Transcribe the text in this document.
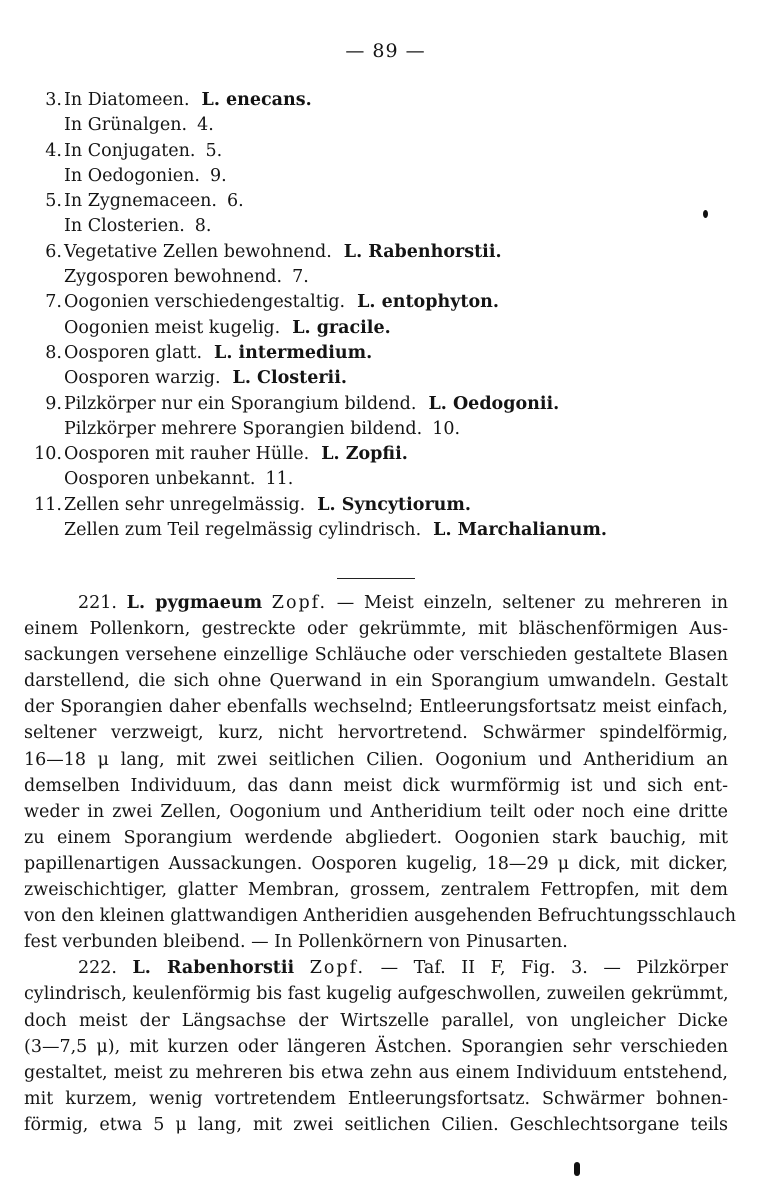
— 89 —
3. In Diatomeen. L. enecans.
In Grünalgen. 4.
4. In Conjugaten. 5.
In Oedogonien. 9.
5. In Zygnemaceen. 6.
In Closterien. 8.
6. Vegetative Zellen bewohnend. L. Rabenhorstii.
Zygosporen bewohnend. 7.
7. Oogonien verschiedengestaltig. L. entophyton.
Oogonien meist kugelig. L. gracile.
8. Oosporen glatt. L. intermedium.
Oosporen warzig. L. Closterii.
9. Pilzkörper nur ein Sporangium bildend. L. Oedogonii.
Pilzkörper mehrere Sporangien bildend. 10.
10. Oosporen mit rauher Hülle. L. Zopfii.
Oosporen unbekannt. 11.
11. Zellen sehr unregelmässig. L. Syncytiorum.
Zellen zum Teil regelmässig cylindrisch. L. Marchalianum.
221. L. pygmaeum Zopf. — Meist einzeln, seltener zu mehreren in
einem Pollenkorn, gestreckte oder gekrümmte, mit bläschenförmigen Aus-
sackungen versehene einzellige Schläuche oder verschieden gestaltete Blasen
darstellend, die sich ohne Querwand in ein Sporangium umwandeln. Gestalt
der Sporangien daher ebenfalls wechselnd; Entleerungsfortsatz meist einfach,
seltener verzweigt, kurz, nicht hervortretend. Schwärmer spindelförmig,
16—18 μ lang, mit zwei seitlichen Cilien. Oogonium und Antheridium an
demselben Individuum, das dann meist dick wurmförmig ist und sich ent-
weder in zwei Zellen, Oogonium und Antheridium teilt oder noch eine dritte
zu einem Sporangium werdende abgliedert. Oogonien stark bauchig, mit
papillenartigen Aussackungen. Oosporen kugelig, 18—29 μ dick, mit dicker,
zweischichtiger, glatter Membran, grossem, zentralem Fettropfen, mit dem
von den kleinen glattwandigen Antheridien ausgehenden Befruchtungsschlauch
fest verbunden bleibend. — In Pollenkörnern von Pinusarten.
222. L. Rabenhorstii Zopf. — Taf. II F, Fig. 3. — Pilzkörper
cylindrisch, keulenförmig bis fast kugelig aufgeschwollen, zuweilen gekrümmt,
doch meist der Längsachse der Wirtszelle parallel, von ungleicher Dicke
(3—7,5 μ), mit kurzen oder längeren Ästchen. Sporangien sehr verschieden
gestaltet, meist zu mehreren bis etwa zehn aus einem Individuum entstehend,
mit kurzem, wenig vortretendem Entleerungsfortsatz. Schwärmer bohnen-
förmig, etwa 5 μ lang, mit zwei seitlichen Cilien. Geschlechtsorgane teils
